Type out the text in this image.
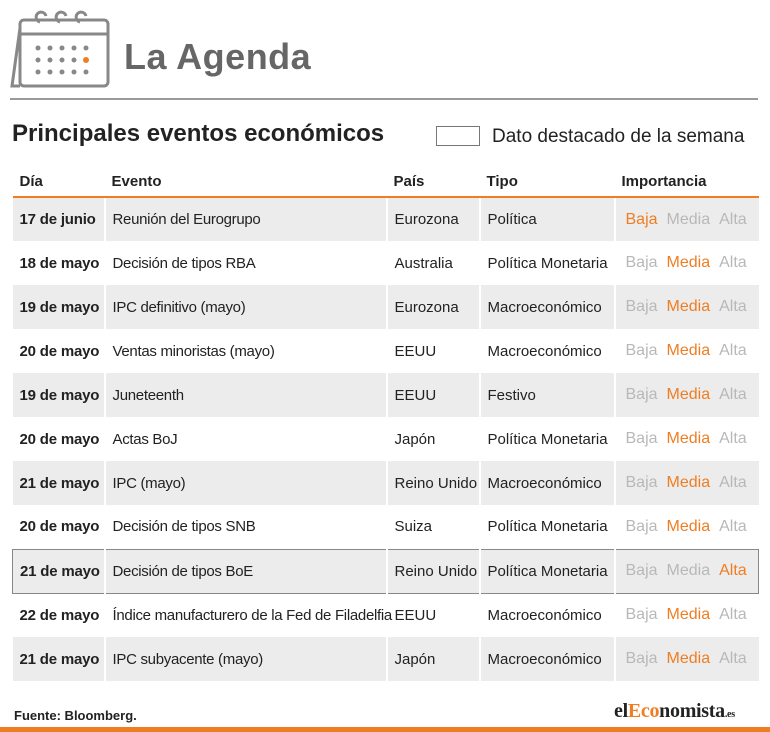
La Agenda
Principales eventos económicos	Dato destacado de la semana
Día	Evento	País	Tipo	Importancia
17 de junio	Reunión del Eurogrupo	Eurozona	Política	Baja Media Alta
18 de mayo	Decisión de tipos RBA	Australia	Política Monetaria	Baja Media Alta
19 de mayo	IPC definitivo (mayo)	Eurozona	Macroeconómico	Baja Media Alta
20 de mayo	Ventas minoristas (mayo)	EEUU	Macroeconómico	Baja Media Alta
19 de mayo	Juneteenth	EEUU	Festivo	Baja Media Alta
20 de mayo	Actas BoJ	Japón	Política Monetaria	Baja Media Alta
21 de mayo	IPC (mayo)	Reino Unido	Macroeconómico	Baja Media Alta
20 de mayo	Decisión de tipos SNB	Suiza	Política Monetaria	Baja Media Alta
21 de mayo	Decisión de tipos BoE	Reino Unido	Política Monetaria	Baja Media Alta
22 de mayo	Índice manufacturero de la Fed de Filadelfia	EEUU	Macroeconómico	Baja Media Alta
21 de mayo	IPC subyacente (mayo)	Japón	Macroeconómico	Baja Media Alta
Fuente: Bloomberg.	elEconomista.es
